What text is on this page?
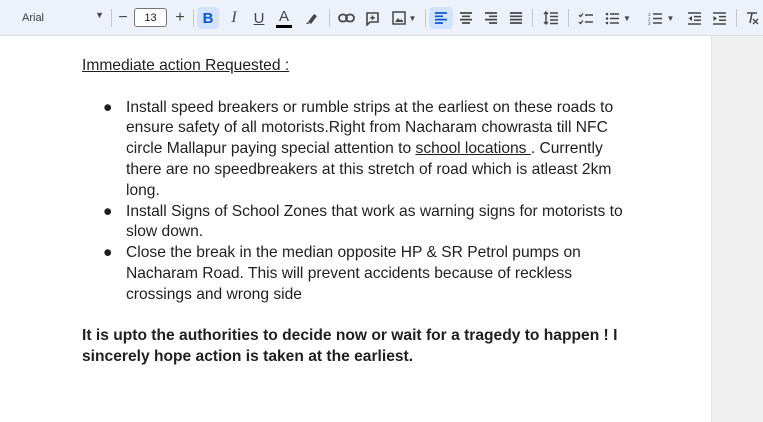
Arial	▼ −	13	+	B	I	U A	▼	▼	1
2
3
▼

Immediate action Requested :

● Install speed breakers or rumble strips at the earliest on these roads to ensure safety of all motorists.Right from Nacharam chowrasta till NFC circle Mallapur paying special attention to school locations . Currently there are no speedbreakers at this stretch of road which is atleast 2km long.
● Install Signs of School Zones that work as warning signs for motorists to slow down.
● Close the break in the median opposite HP & SR Petrol pumps on Nacharam Road. This will prevent accidents because of reckless crossings and wrong side

It is upto the authorities to decide now or wait for a tragedy to happen ! I sincerely hope action is taken at the earliest.
